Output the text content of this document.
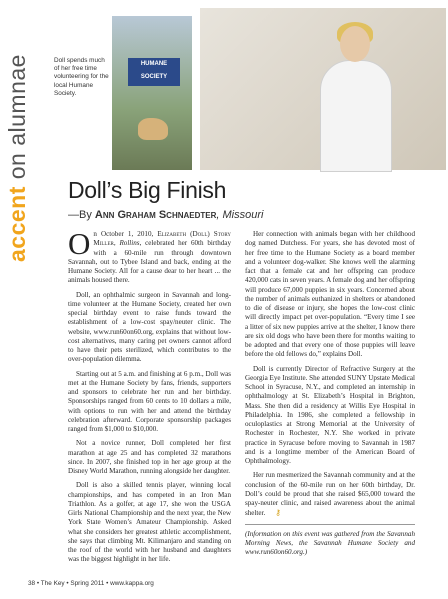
accent on alumnae	Doll spends much of her free time volunteering for the local Humane Society.
HUMANE
SOCIETY
Doll’s Big Finish
—By Ann Graham Schnaedter, Missouri

On October 1, 2010, Elizabeth (Doll) Story Miller, Rollins, celebrated her 60th birthday with a 60-mile run through downtown Savannah, out to Tybee Island and back, ending at the Humane Society. All for a cause dear to her heart ... the animals housed there.

Doll, an ophthalmic surgeon in Savannah and long-time volunteer at the Humane Society, created her own special birthday event to raise funds toward the establishment of a low-cost spay/neuter clinic. The website, www.run60on60.org, explains that without low-cost alternatives, many caring pet owners cannot afford to have their pets sterilized, which contributes to the over-population dilemma.

Starting out at 5 a.m. and finishing at 6 p.m., Doll was met at the Humane Society by fans, friends, supporters and sponsors to celebrate her run and her birthday. Sponsorships ranged from 60 cents to 10 dollars a mile, with options to run with her and attend the birthday celebration afterward. Corporate sponsorship packages ranged from $1,000 to $10,000.

Not a novice runner, Doll completed her first marathon at age 25 and has completed 32 marathons since. In 2007, she finished top in her age group at the Disney World Marathon, running alongside her daughter.

Doll is also a skilled tennis player, winning local championships, and has competed in an Iron Man Triathlon. As a golfer, at age 17, she won the USGA Girls National Championship and the next year, the New York State Women’s Amateur Championship. Asked what she considers her greatest athletic accomplishment, she says that climbing Mt. Kilimanjaro and standing on the roof of the world with her husband and daughters was the biggest highlight in her life.

Her connection with animals began with her childhood dog named Dutchess. For years, she has devoted most of her free time to the Humane Society as a board member and a volunteer dog-walker. She knows well the alarming fact that a female cat and her offspring can produce 420,000 cats in seven years. A female dog and her offspring will produce 67,000 puppies in six years. Concerned about the number of animals euthanized in shelters or abandoned to die of disease or injury, she hopes the low-cost clinic will directly impact pet over-population. “Every time I see a litter of six new puppies arrive at the shelter, I know there are six old dogs who have been there for months waiting to be adopted and that every one of those puppies will leave before the old fellows do,” explains Doll.

Doll is currently Director of Refractive Surgery at the Georgia Eye Institute. She attended SUNY Upstate Medical School in Syracuse, N.Y., and completed an internship in ophthalmology at St. Elizabeth’s Hospital in Brighton, Mass. She then did a residency at Willis Eye Hospital in Philadelphia. In 1986, she completed a fellowship in oculoplastics at Strong Memorial at the University of Rochester in Rochester, N.Y. She worked in private practice in Syracuse before moving to Savannah in 1987 and is a longtime member of the American Board of Ophthalmology.

Her run mesmerized the Savannah community and at the conclusion of the 60-mile run on her 60th birthday, Dr. Doll’s could be proud that she raised $65,000 toward the spay-neuter clinic, and raised awareness about the animal shelter. ⚷

(Information on this event was gathered from the Savannah Morning News, the Savannah Humane Society and www.run60on60.org.)

38 • The Key • Spring 2011 • www.kappa.org
